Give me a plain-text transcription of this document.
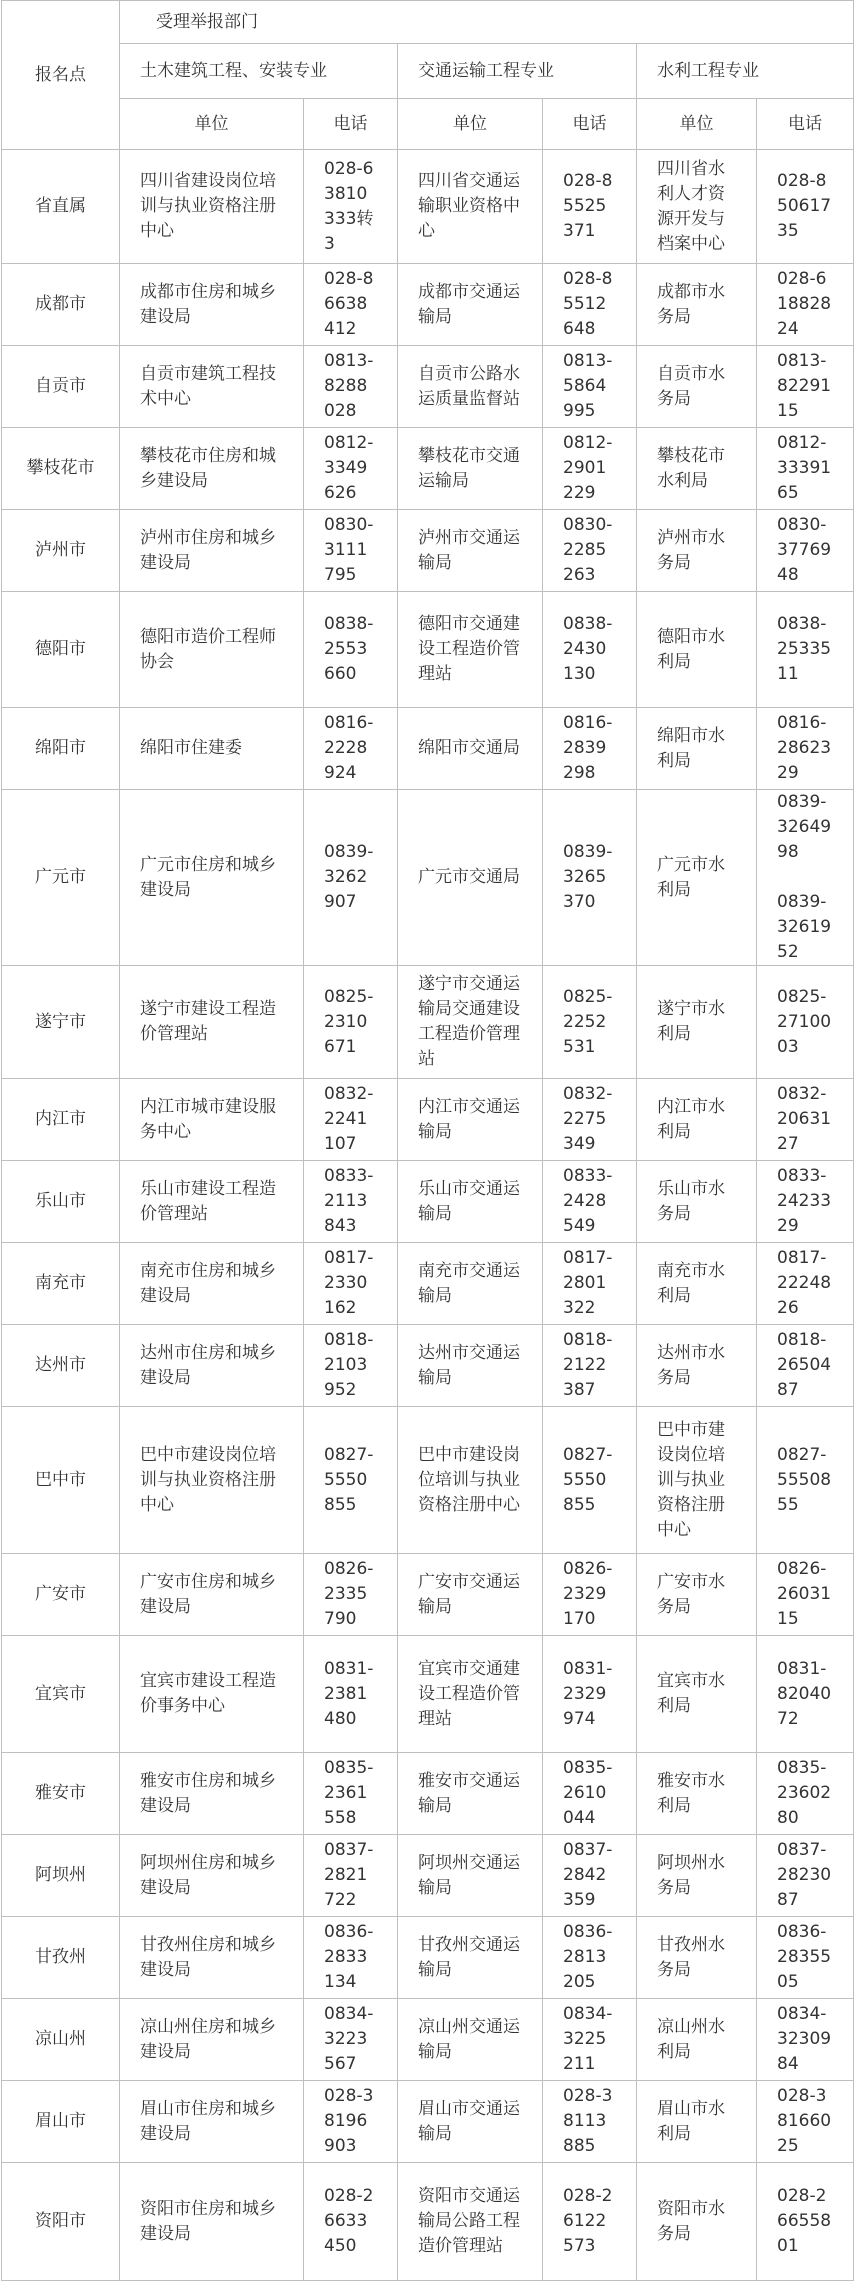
报名点	受理举报部门					
	土木建筑工程、安装专业		交通运输工程专业		水利工程专业	
	单位	电话	单位	电话	单位	电话
省直属	四川省建设岗位培训与执业资格注册中心	028-63810333转3	四川省交通运输职业资格中心	028-85525371	四川省水利人才资源开发与档案中心	028-85061735
成都市	成都市住房和城乡建设局	028-86638412	成都市交通运输局	028-85512648	成都市水务局	028-61882824
自贡市	自贡市建筑工程技术中心	0813-8288028	自贡市公路水运质量监督站	0813-5864995	自贡市水务局	0813-8229115
攀枝花市	攀枝花市住房和城乡建设局	0812-3349626	攀枝花市交通运输局	0812-2901229	攀枝花市水利局	0812-3339165
泸州市	泸州市住房和城乡建设局	0830-3111795	泸州市交通运输局	0830-2285263	泸州市水务局	0830-3776948
德阳市	德阳市造价工程师协会	0838-2553660	德阳市交通建设工程造价管理站	0838-2430130	德阳市水利局	0838-2533511
绵阳市	绵阳市住建委	0816-2228924	绵阳市交通局	0816-2839298	绵阳市水利局	0816-2862329
广元市	广元市住房和城乡建设局	0839-3262907	广元市交通局	0839-3265370	广元市水利局	0839-3264998
0839-3261952

遂宁市	遂宁市建设工程造价管理站	0825-2310671	遂宁市交通运输局交通建设工程造价管理站	0825-2252531	遂宁市水利局	0825-2710003
内江市	内江市城市建设服务中心	0832-2241107	内江市交通运输局	0832-2275349	内江市水利局	0832-2063127
乐山市	乐山市建设工程造价管理站	0833-2113843	乐山市交通运输局	0833-2428549	乐山市水务局	0833-2423329
南充市	南充市住房和城乡建设局	0817-2330162	南充市交通运输局	0817-2801322	南充市水利局	0817-2224826
达州市	达州市住房和城乡建设局	0818-2103952	达州市交通运输局	0818-2122387	达州市水务局	0818-2650487
巴中市	巴中市建设岗位培训与执业资格注册中心	0827-5550855	巴中市建设岗位培训与执业资格注册中心	0827-5550855	巴中市建设岗位培训与执业资格注册中心	0827-5550855
广安市	广安市住房和城乡建设局	0826-2335790	广安市交通运输局	0826-2329170	广安市水务局	0826-2603115
宜宾市	宜宾市建设工程造价事务中心	0831-2381480	宜宾市交通建设工程造价管理站	0831-2329974	宜宾市水利局	0831-8204072
雅安市	雅安市住房和城乡建设局	0835-2361558	雅安市交通运输局	0835-2610044	雅安市水利局	0835-2360280
阿坝州	阿坝州住房和城乡建设局	0837-2821722	阿坝州交通运输局	0837-2842359	阿坝州水务局	0837-2823087
甘孜州	甘孜州住房和城乡建设局	0836-2833134	甘孜州交通运输局	0836-2813205	甘孜州水务局	0836-2835505
凉山州	凉山州住房和城乡建设局	0834-3223567	凉山州交通运输局	0834-3225211	凉山州水利局	0834-3230984
眉山市	眉山市住房和城乡建设局	028-38196903	眉山市交通运输局	028-38113885	眉山市水利局	028-38166025
资阳市	资阳市住房和城乡建设局	028-26633450	资阳市交通运输局公路工程造价管理站	028-26122573	资阳市水务局	028-26655801
